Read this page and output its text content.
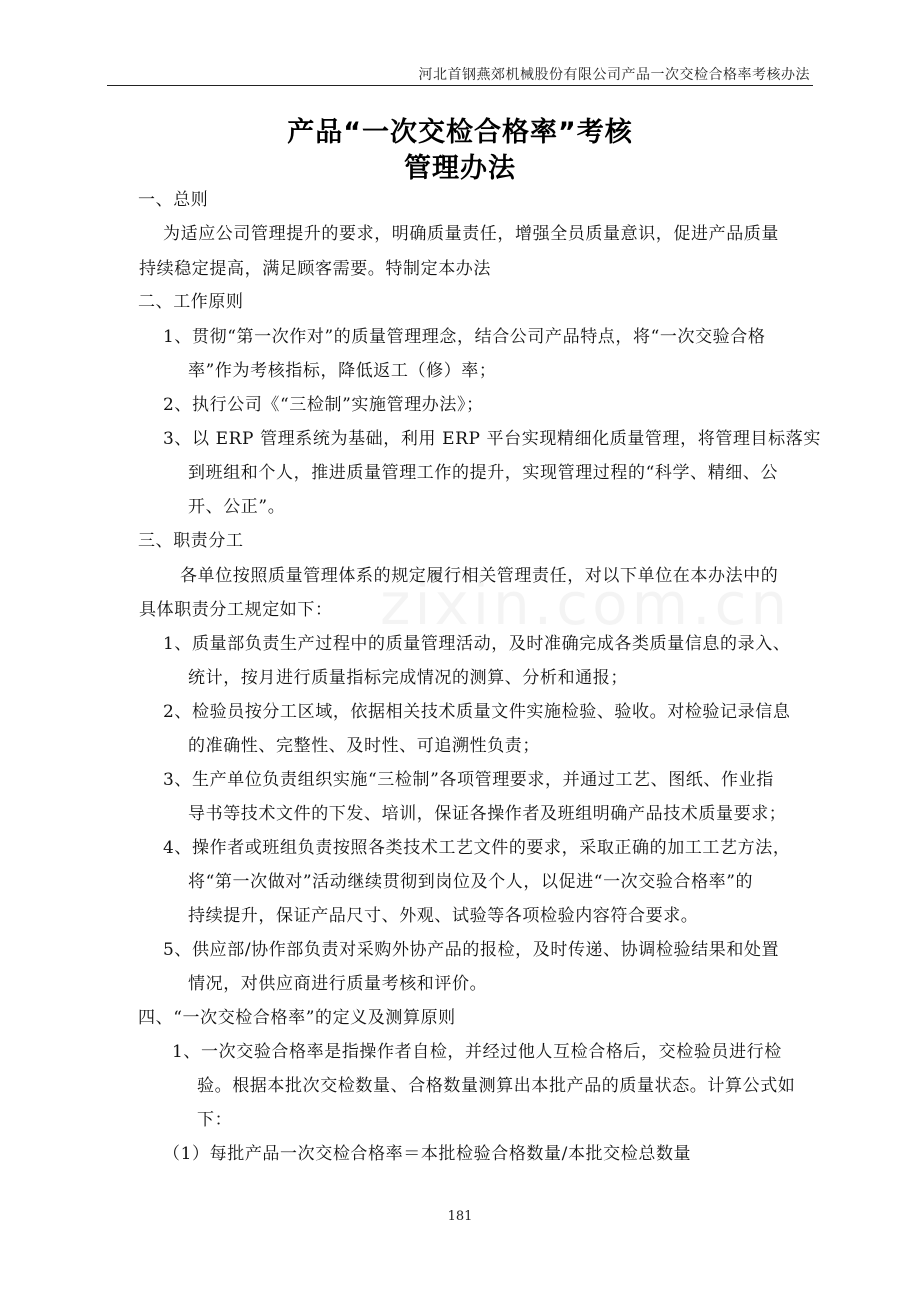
河北首钢燕郊机械股份有限公司产品一次交检合格率考核办法
产品“一次交检合格率”考核
管理办法
一、总则
为适应公司管理提升的要求，明确质量责任，增强全员质量意识，促进产品质量
持续稳定提高，满足顾客需要。特制定本办法
二、工作原则
1、贯彻“第一次作对”的质量管理理念，结合公司产品特点，将“一次交验合格
率”作为考核指标，降低返工（修）率；
2、执行公司《“三检制”实施管理办法》；
3、以 ERP 管理系统为基础，利用 ERP 平台实现精细化质量管理，将管理目标落实
到班组和个人，推进质量管理工作的提升，实现管理过程的“科学、精细、公
开、公正”。
三、职责分工
各单位按照质量管理体系的规定履行相关管理责任，对以下单位在本办法中的
具体职责分工规定如下：
1、质量部负责生产过程中的质量管理活动，及时准确完成各类质量信息的录入、
统计，按月进行质量指标完成情况的测算、分析和通报；
2、检验员按分工区域，依据相关技术质量文件实施检验、验收。对检验记录信息
的准确性、完整性、及时性、可追溯性负责；
3、生产单位负责组织实施“三检制”各项管理要求，并通过工艺、图纸、作业指
导书等技术文件的下发、培训，保证各操作者及班组明确产品技术质量要求；
4、操作者或班组负责按照各类技术工艺文件的要求，采取正确的加工工艺方法，
将“第一次做对”活动继续贯彻到岗位及个人，以促进“一次交验合格率”的
持续提升，保证产品尺寸、外观、试验等各项检验内容符合要求。
5、供应部/协作部负责对采购外协产品的报检，及时传递、协调检验结果和处置
情况，对供应商进行质量考核和评价。
四、“一次交检合格率”的定义及测算原则
1、一次交验合格率是指操作者自检，并经过他人互检合格后，交检验员进行检
验。根据本批次交检数量、合格数量测算出本批产品的质量状态。计算公式如
下：
（1）每批产品一次交检合格率＝本批检验合格数量/本批交检总数量
181
